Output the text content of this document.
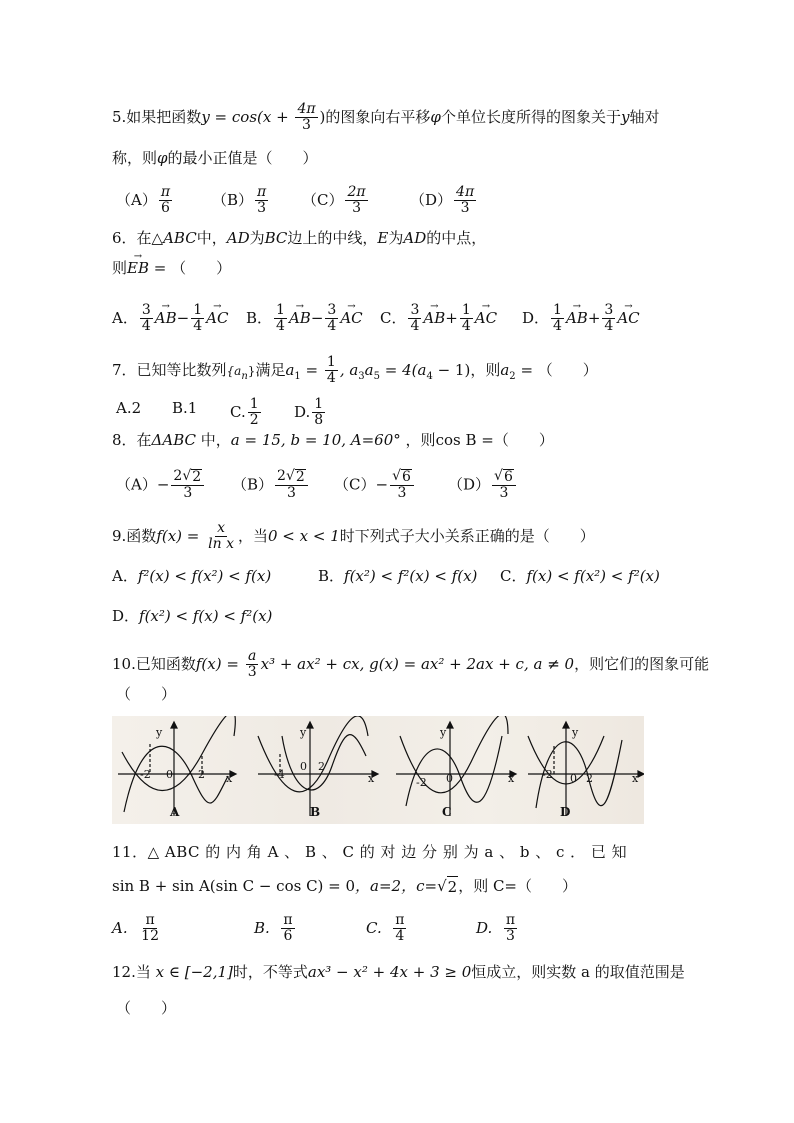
5.如果把函数$y = \cos(x + \frac{4\pi}{3}$ )的图象向右平移φ个单位长度所得的图象关于y轴对
称，则φ的最小正值是（　　）
$(A) \frac{\pi}{6}$	$(B) \frac{\pi}{3} (C) \frac{2\pi}{3}$	$(D) \frac{4\pi}{3}$
6．在△ABC中，AD为BC边上的中线，E为AD的中点，
则→ EB = （　　）
A． $\frac{3}{4}$
→ $AB- \frac{1}{4}$
→ AC B． $\frac{1}{4}$
→ $AB- \frac{3}{4}$
→ AC C． $\frac{3}{4}$
→ $AB+ \frac{1}{4}$
→ AC D． $\frac{1}{4}$
→ $AB+ \frac{3}{4}$
→ AC
7．已知等比数列$\{a_n\}$满足$a_1 = \frac{1}{4}$ , $a_3a_5 = 4(a_4 - 1)$，则$a_2$ = （　　）
A.2 B.1 C. $\frac{1}{2} D$. $\frac{1}{8}$
8．在ΔABC 中，a = 15, b = 10, A=60° ，则cos B =（　　）
$(A)- \frac{2√ 2}{3} (B) \frac{2√ 2}{3} (C)- \frac{√ 6}{3} (D) \frac{√ 6}{3}$
9.函数$f(x) = \frac{x}{\text{ln x}}$ ，当0 < x < 1时下列式子大小关系正确的是（　　）
A．f²(x) < f(x²) < f(x)	B．f(x²) < f²(x) < f(x) C．f(x) < f(x²) < f²(x)
D．f(x²) < f(x) < f²(x)
10.已知函数$f(x) = \frac{a}{3} x^3 + ax^2$ + cx, g(x) = ax² + 2ax + c, a ≠ 0，则它们的图象可能
（　　）
y
x
-2 0 2
A
y
x
-4
0 2
B
y
x
-2 0
C
y
x
-2 0 2
D
11．△ ABC 的 内 角 A 、 B 、 C 的 对 边 分 别 为 a 、 b 、 c ． 已 知
sin B + sin A(sin C − cos C) = 0，a=2，c=√ 2 ，则 C=（　　）
A. $\frac{\pi}{12}$	B. $\frac{\pi}{6}$	C. $\frac{\pi}{4}$	D. $\frac{\pi}{3}$
12.当 x ∈ [−2,1]时，不等式ax³ − x² + 4x + 3 ≥ 0恒成立，则实数 a 的取值范围是
（　　）
